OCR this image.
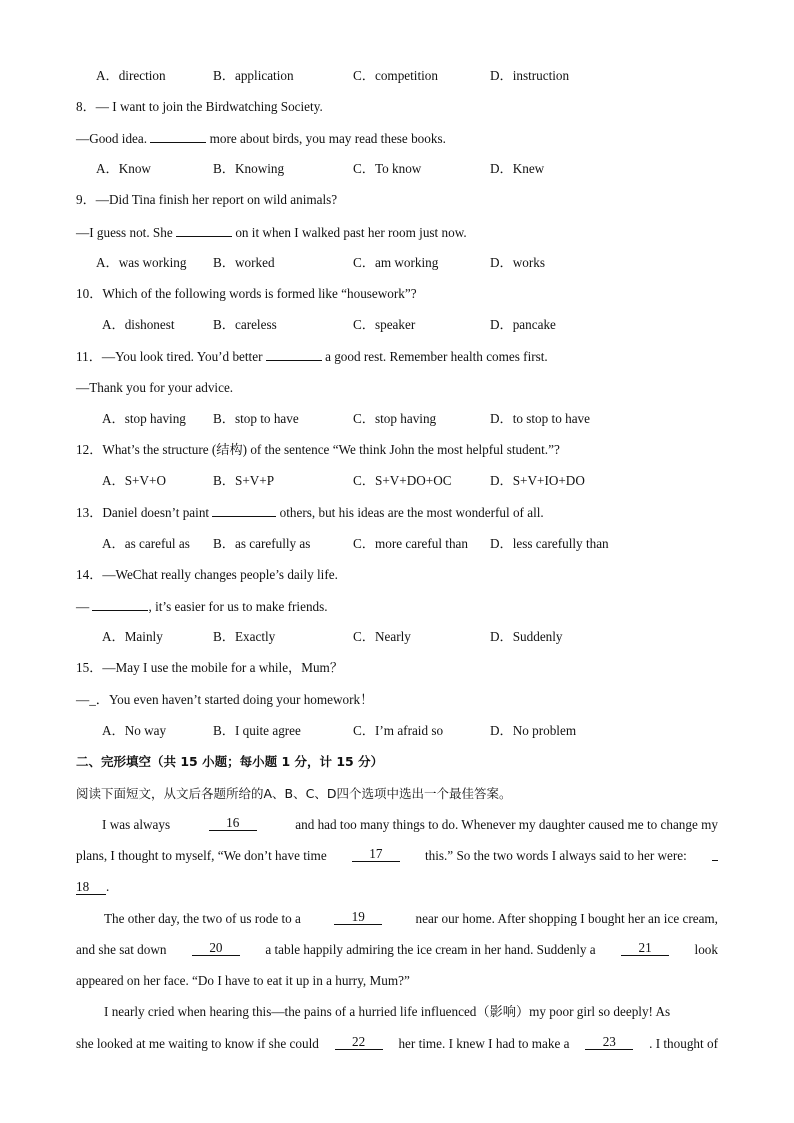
A．direction	B．application	C．competition	D．instruction
8．— I want to join the Birdwatching Society.
—Good idea.	more about birds, you may read these books.
A．Know	B．Knowing	C．To know	D．Knew
9．—Did Tina finish her report on wild animals?
—I guess not. She	on it when I walked past her room just now.
A．was working B．worked	C．am working	D．works
10．Which of the following words is formed like “housework”?
A．dishonest	B．careless	C．speaker	D．pancake
11．—You look tired. You’d better	a good rest. Remember health comes first.
—Thank you for your advice.
A．stop having B．stop to have	C．stop having	D．to stop to have
12．What’s the structure (结构) of the sentence “We think John the most helpful student.”?
A．S+V+O	B．S+V+P	C．S+V+DO+OC	D．S+V+IO+DO
13．Daniel doesn’t paint	others, but his ideas are the most wonderful of all.
A．as careful as B．as carefully as	C．more careful than D．less carefully than
14．—WeChat really changes people’s daily life.
—	, it’s easier for us to make friends.
A．Mainly	B．Exactly	C．Nearly	D．Suddenly
15．—May I use the mobile for a while，Mum？
—_．You even haven’t started doing your homework！
A．No way	B．I quite agree	C．I’m afraid so	D．No problem
二、完形填空（共 15 小题；每小题 1 分，计 15 分）
阅读下面短文，从文后各题所给的A、B、C、D四个选项中选出一个最佳答案。
I was always	16	and had too many things to do. Whenever my daughter caused me to change my
plans, I thought to myself, “We don’t have time	17	this.” So the two words I always said to her were:
18 .
The other day, the two of us rode to a	19	near our home. After shopping I bought her an ice cream,
and she sat down	20	a table happily admiring the ice cream in her hand. Suddenly a	21	look
appeared on her face. “Do I have to eat it up in a hurry, Mum?”
I nearly cried when hearing this—the pains of a hurried life influenced（影响）my poor girl so deeply! As
she looked at me waiting to know if she could	22	her time. I knew I had to make a	23	. I thought of
